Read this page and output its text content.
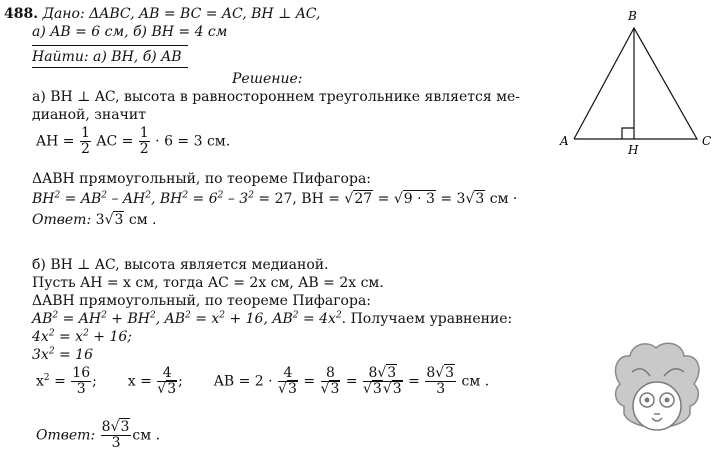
488. Дано: ΔABC, AB = BC = AC, BH ⊥ AC,
а) AB = 6 см, б) BH = 4 см
Найти: а) BH, б) AB
Решение:
а) BH ⊥ AC, высота в равностороннем треугольнике является ме-
дианой, значит
AH = $\frac{1}{2}$ AC = $\frac{1}{2} \cdot 6 = 3$ см.
ΔABH прямоугольный, по теореме Пифагора:
$BH^2 = AB^2 - AH^2$, $BH^2 = 6^2 - 3^2 = 27$, BH = √27 = √9 · 3 = 3√3 см ·
Ответ: 3√3 см .
б) BH ⊥ AC, высота является медианой.
Пусть AH = x см, тогда AC = 2x см, AB = 2x см.
ΔABH прямоугольный, по теореме Пифагора:
$AB^2 = AH^2 + BH^2$, $AB^2 = x^2 + 16$, $AB^2 = 4x^2$. Получаем уравнение:
$4x^2 = x^2 + 16$;
$3x^2 = 16$
$x^2 = \frac{16}{3}$ ; $x = \frac{4}{√3}$ ; AB = $2 \cdot \frac{4}{√3} = \frac{8}{√3} = \frac{8√3}{√3√3} = \frac{8√3}{3}$ см .
Ответ: $\frac{8√3}{3}$ см .
B
A	C
H
